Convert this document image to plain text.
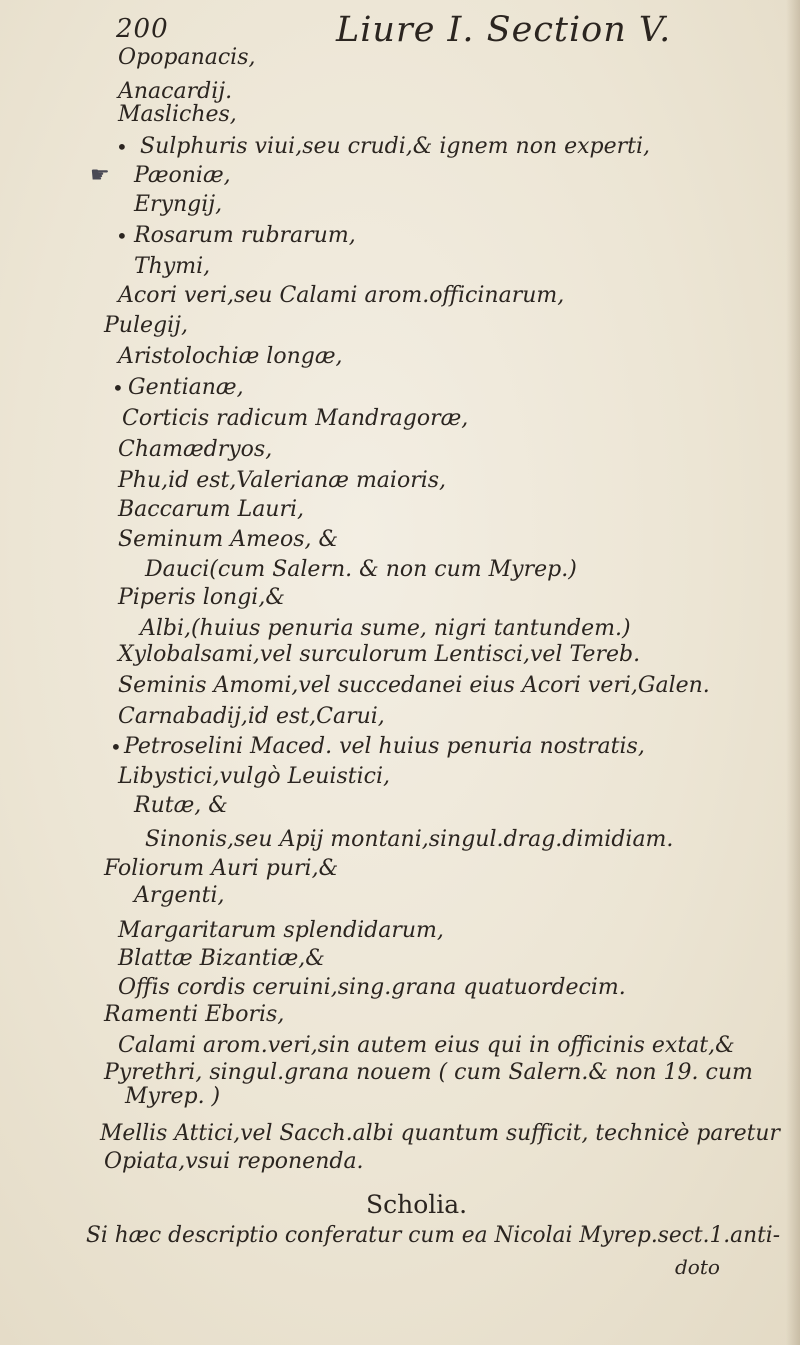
200	Liure I. Section V.
Opopanacis,
Anacardij.
Masliches,
• Sulphuris viui,seu crudi,& ignem non experti,
☛ Pæoniæ,
Eryngij,
• Rosarum rubrarum,
Thymi,
Acori veri,seu Calami arom.officinarum,
Pulegij,
Aristolochiæ longæ,
• Gentianæ,
Corticis radicum Mandragoræ,
Chamædryos,
Phu,id est,Valerianæ maioris,
Baccarum Lauri,
Seminum Ameos, &
Dauci(cum Salern. & non cum Myrep.)
Piperis longi,&
Albi,(huius penuria sume, nigri tantundem.)
Xylobalsami,vel surculorum Lentisci,vel Tereb.
Seminis Amomi,vel succedanei eius Acori veri,Galen.
Carnabadij,id est,Carui,
• Petroselini Maced. vel huius penuria nostratis,
Libystici,vulgò Leuistici,
Rutæ, &
Sinonis,seu Apij montani,singul.drag.dimidiam.
Foliorum Auri puri,&
Argenti,
Margaritarum splendidarum,
Blattæ Bizantiæ,&
Offis cordis ceruini,sing.grana quatuordecim.
Ramenti Eboris,
Calami arom.veri,sin autem eius qui in officinis extat,&
Pyrethri, singul.grana nouem ( cum Salern.& non 19. cum
Myrep. )
Mellis Attici,vel Sacch.albi quantum sufficit, technicè paretur
Opiata,vsui reponenda.
Scholia.
Si hæc descriptio conferatur cum ea Nicolai Myrep.sect.1.anti-
doto
